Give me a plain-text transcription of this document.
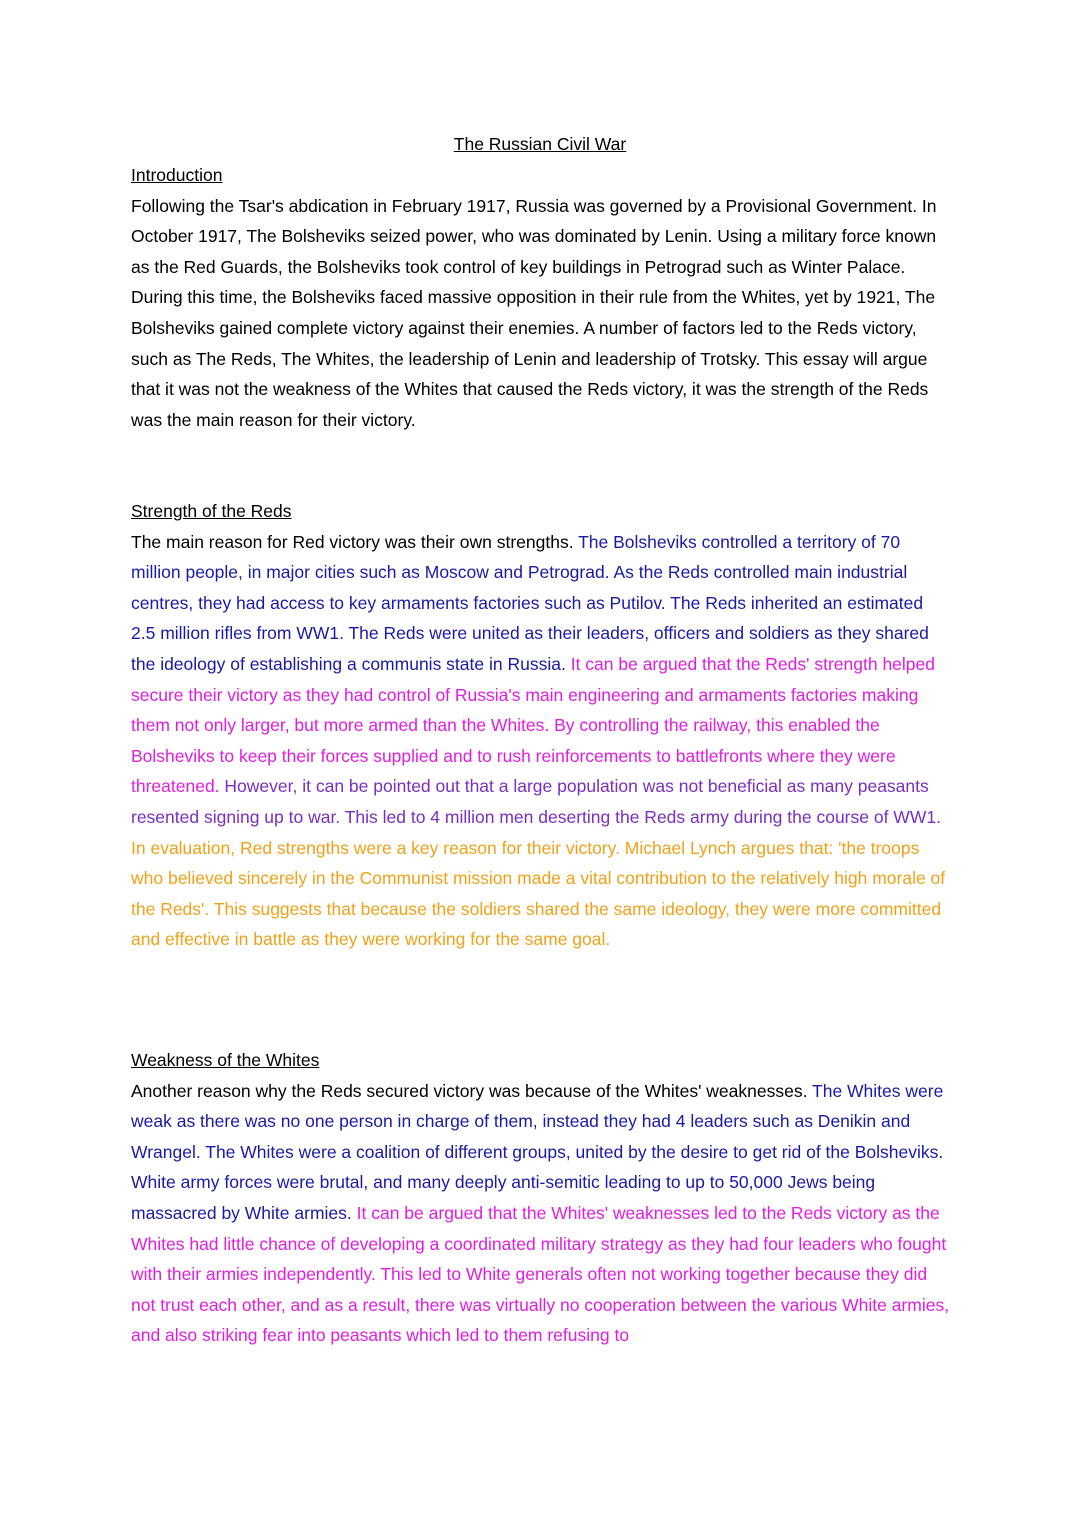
The Russian Civil War
Introduction

Following the Tsar's abdication in February 1917, Russia was governed by a Provisional Government. In October 1917, The Bolsheviks seized power, who was dominated by Lenin. Using a military force known as the Red Guards, the Bolsheviks took control of key buildings in Petrograd such as Winter Palace. During this time, the Bolsheviks faced massive opposition in their rule from the Whites, yet by 1921, The Bolsheviks gained complete victory against their enemies. A number of factors led to the Reds victory, such as The Reds, The Whites, the leadership of Lenin and leadership of Trotsky. This essay will argue that it was not the weakness of the Whites that caused the Reds victory, it was the strength of the Reds was the main reason for their victory.

Strength of the Reds

The main reason for Red victory was their own strengths. The Bolsheviks controlled a territory of 70 million people, in major cities such as Moscow and Petrograd. As the Reds controlled main industrial centres, they had access to key armaments factories such as Putilov. The Reds inherited an estimated 2.5 million rifles from WW1. The Reds were united as their leaders, officers and soldiers as they shared the ideology of establishing a communis state in Russia. It can be argued that the Reds' strength helped secure their victory as they had control of Russia's main engineering and armaments factories making them not only larger, but more armed than the Whites. By controlling the railway, this enabled the Bolsheviks to keep their forces supplied and to rush reinforcements to battlefronts where they were threatened. However, it can be pointed out that a large population was not beneficial as many peasants resented signing up to war. This led to 4 million men deserting the Reds army during the course of WW1. In evaluation, Red strengths were a key reason for their victory. Michael Lynch argues that: 'the troops who believed sincerely in the Communist mission made a vital contribution to the relatively high morale of the Reds'. This suggests that because the soldiers shared the same ideology, they were more committed and effective in battle as they were working for the same goal.

Weakness of the Whites

Another reason why the Reds secured victory was because of the Whites' weaknesses. The Whites were weak as there was no one person in charge of them, instead they had 4 leaders such as Denikin and Wrangel. The Whites were a coalition of different groups, united by the desire to get rid of the Bolsheviks. White army forces were brutal, and many deeply anti-semitic leading to up to 50,000 Jews being massacred by White armies. It can be argued that the Whites' weaknesses led to the Reds victory as the Whites had little chance of developing a coordinated military strategy as they had four leaders who fought with their armies independently. This led to White generals often not working together because they did not trust each other, and as a result, there was virtually no cooperation between the various White armies, and also striking fear into peasants which led to them refusing to
